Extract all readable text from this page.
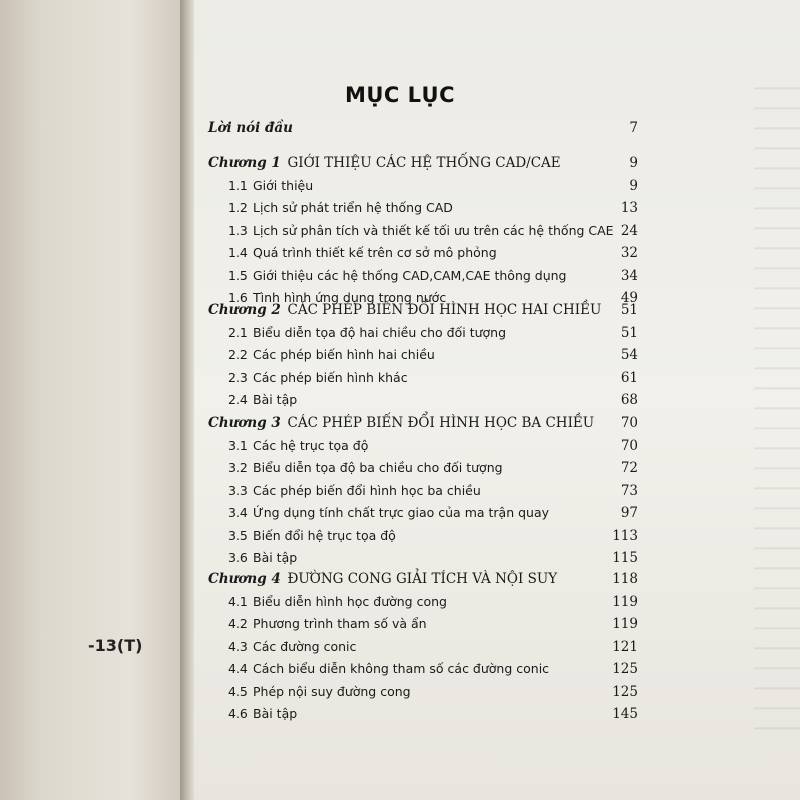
-13(T)
MỤC LỤC
Lời nói đầu	7
Chương 1  GIỚI THIỆU CÁC HỆ THỐNG CAD/CAE	9
1.1 Giới thiệu	9
1.2 Lịch sử phát triển hệ thống CAD	13
1.3 Lịch sử phân tích và thiết kế tối ưu trên các hệ thống CAE 24
1.4 Quá trình thiết kế trên cơ sở mô phỏng	32
1.5 Giới thiệu các hệ thống CAD,CAM,CAE thông dụng	34
1.6 Tình hình ứng dụng trong nước	49
Chương 2  CÁC PHÉP BIẾN ĐỔI HÌNH HỌC HAI CHIỀU 51
2.1 Biểu diễn tọa độ hai chiều cho đối tượng	51
2.2 Các phép biến hình hai chiều	54
2.3 Các phép biến hình khác	61
2.4 Bài tập	68
Chương 3  CÁC PHÉP BIẾN ĐỔI HÌNH HỌC BA CHIỀU 70
3.1 Các hệ trục tọa độ	70
3.2 Biểu diễn tọa độ ba chiều cho đối tượng	72
3.3 Các phép biến đổi hình học ba chiều	73
3.4 Ứng dụng tính chất trực giao của ma trận quay	97
3.5 Biến đổi hệ trục tọa độ	113
3.6 Bài tập	115
Chương 4  ĐƯỜNG CONG GIẢI TÍCH VÀ NỘI SUY	118
4.1 Biểu diễn hình học đường cong	119
4.2 Phương trình tham số và ẩn	119
4.3 Các đường conic	121
4.4 Cách biểu diễn không tham số các đường conic	125
4.5 Phép nội suy đường cong	125
4.6 Bài tập	145
